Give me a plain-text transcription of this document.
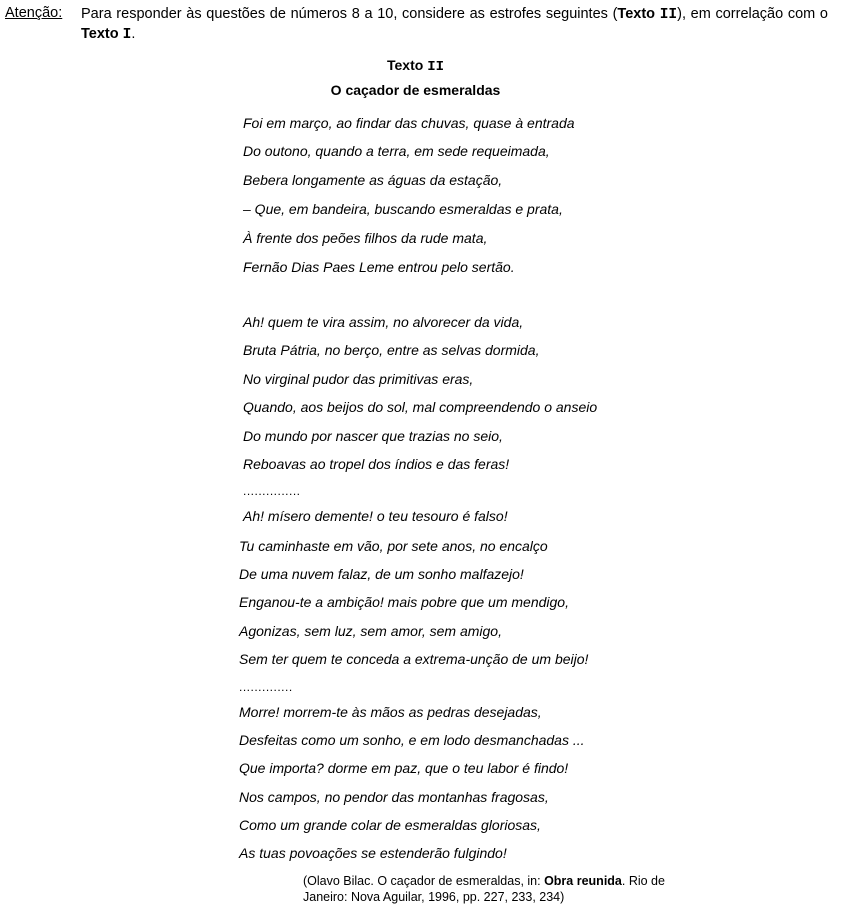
Atenção: Para responder às questões de números 8 a 10, considere as estrofes seguintes (Texto II), em correlação com o Texto I.
Texto II
O caçador de esmeraldas
Foi em março, ao findar das chuvas, quase à entrada
Do outono, quando a terra, em sede requeimada,
Bebera longamente as águas da estação,
– Que, em bandeira, buscando esmeraldas e prata,
À frente dos peões filhos da rude mata,
Fernão Dias Paes Leme entrou pelo sertão.
Ah! quem te vira assim, no alvorecer da vida,
Bruta Pátria, no berço, entre as selvas dormida,
No virginal pudor das primitivas eras,
Quando, aos beijos do sol, mal compreendendo o anseio
Do mundo por nascer que trazias no seio,
Reboavas ao tropel dos índios e das feras!
...............
Ah! mísero demente! o teu tesouro é falso!
Tu caminhaste em vão, por sete anos, no encalço
De uma nuvem falaz, de um sonho malfazejo!
Enganou-te a ambição! mais pobre que um mendigo,
Agonizas, sem luz, sem amor, sem amigo,
Sem ter quem te conceda a extrema-unção de um beijo!
..............
Morre! morrem-te às mãos as pedras desejadas,
Desfeitas como um sonho, e em lodo desmanchadas ...
Que importa? dorme em paz, que o teu labor é findo!
Nos campos, no pendor das montanhas fragosas,
Como um grande colar de esmeraldas gloriosas,
As tuas povoações se estenderão fulgindo!
(Olavo Bilac. O caçador de esmeraldas, in: Obra reunida. Rio de Janeiro: Nova Aguilar, 1996, pp. 227, 233, 234)
